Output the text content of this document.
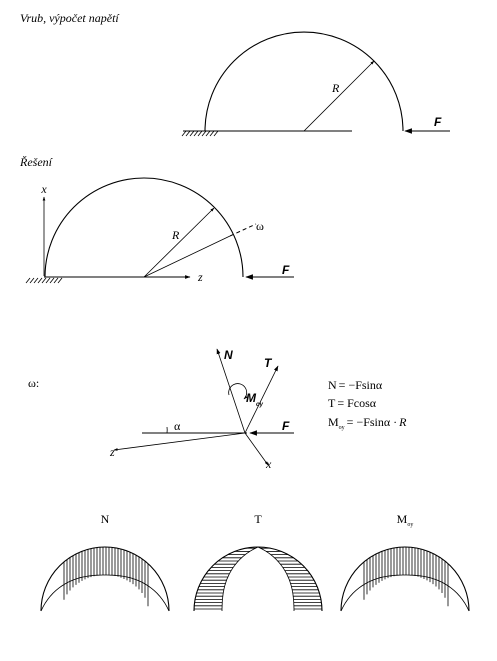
Vrub, výpočet napětí
R
F
Řešení
x
z
R
ω
F
ω:
z
T
N
x
$M_{oy}$
F
α
N = −Fsinα
T = Fcosα
$M_{oy} = -Fsin\alpha \cdot R$
N	T	$M_{oy}$
